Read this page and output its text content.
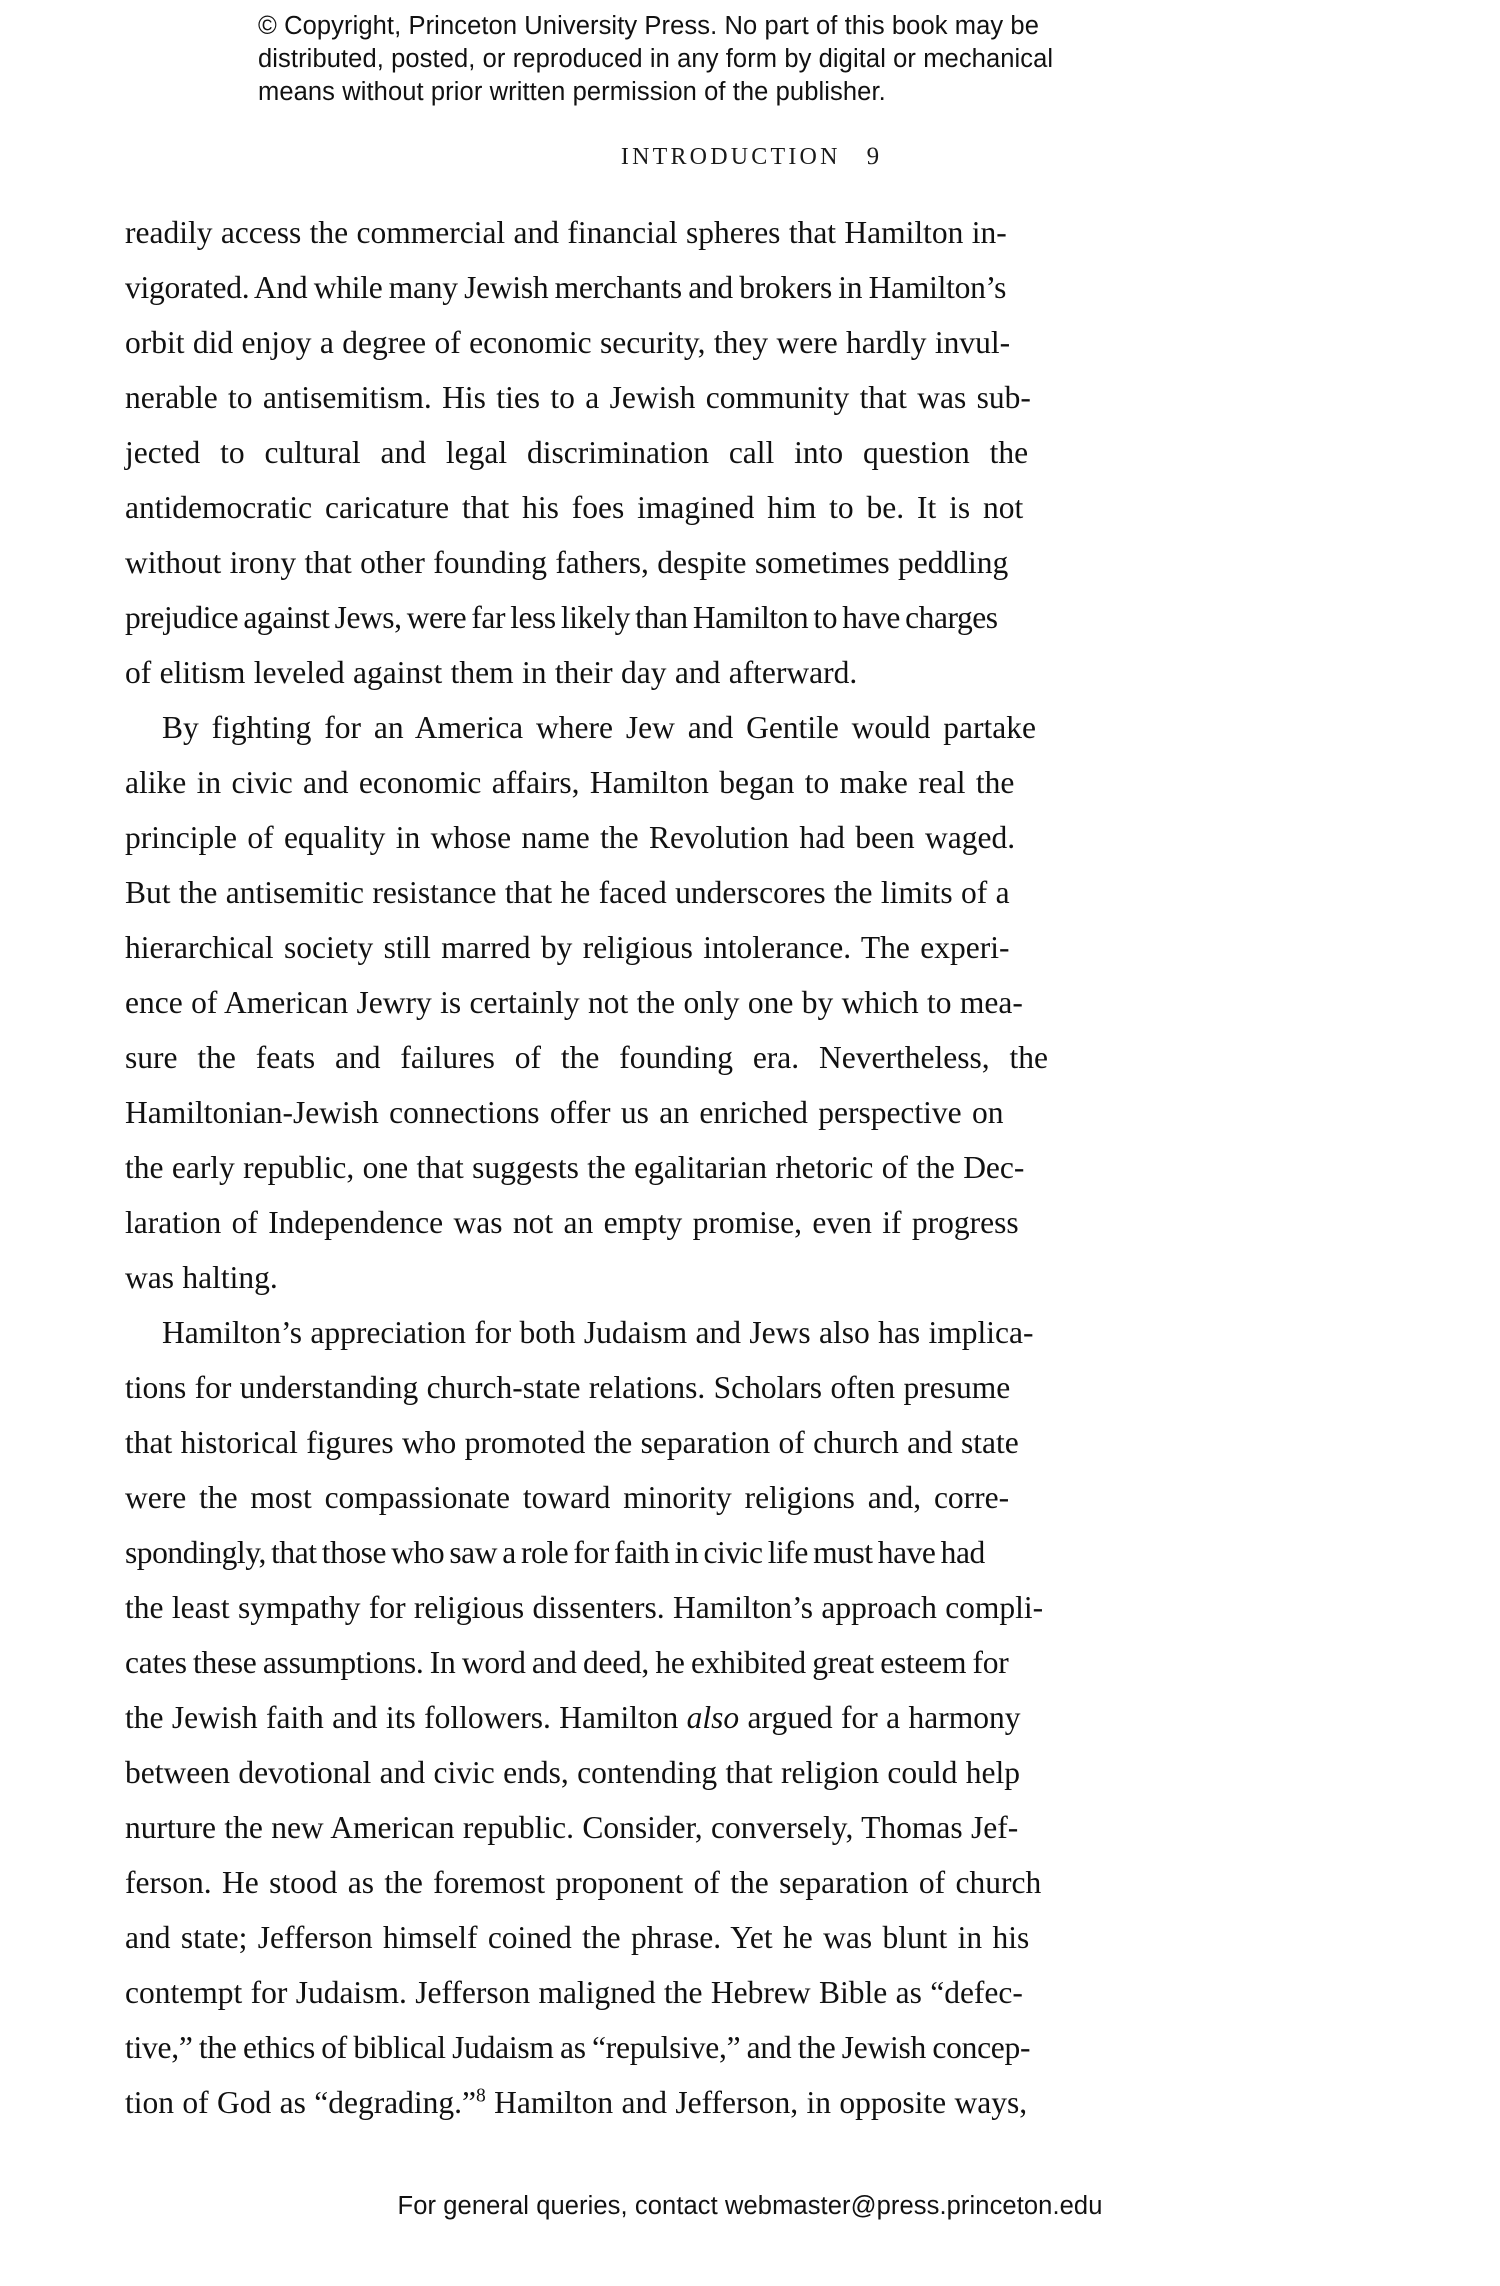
© Copyright, Princeton University Press. No part of this book may be
distributed, posted, or reproduced in any form by digital or mechanical
means without prior written permission of the publisher.
INTRODUCTION 9

readily access the commercial and financial spheres that Hamilton in-
vigorated. And while many Jewish merchants and brokers in Hamilton’s
orbit did enjoy a degree of economic security, they were hardly invul-
nerable to antisemitism. His ties to a Jewish community that was sub-
jected to cultural and legal discrimination call into question the
antidemocratic caricature that his foes imagined him to be. It is not
without irony that other founding fathers, despite sometimes peddling
prejudice against Jews, were far less likely than Hamilton to have charges
of elitism leveled against them in their day and afterward.

By fighting for an America where Jew and Gentile would partake
alike in civic and economic affairs, Hamilton began to make real the
principle of equality in whose name the Revolution had been waged.
But the antisemitic resistance that he faced underscores the limits of a
hierarchical society still marred by religious intolerance. The experi-
ence of American Jewry is certainly not the only one by which to mea-
sure the feats and failures of the founding era. Nevertheless, the
Hamiltonian-Jewish connections offer us an enriched perspective on
the early republic, one that suggests the egalitarian rhetoric of the Dec-
laration of Independence was not an empty promise, even if progress
was halting.

Hamilton’s appreciation for both Judaism and Jews also has implica-
tions for understanding church-state relations. Scholars often presume
that historical figures who promoted the separation of church and state
were the most compassionate toward minority religions and, corre-
spondingly, that those who saw a role for faith in civic life must have had
the least sympathy for religious dissenters. Hamilton’s approach compli-
cates these assumptions. In word and deed, he exhibited great esteem for
the Jewish faith and its followers. Hamilton also argued for a harmony
between devotional and civic ends, contending that religion could help
nurture the new American republic. Consider, conversely, Thomas Jef-
ferson. He stood as the foremost proponent of the separation of church
and state; Jefferson himself coined the phrase. Yet he was blunt in his
contempt for Judaism. Jefferson maligned the Hebrew Bible as “defec-
tive,” the ethics of biblical Judaism as “repulsive,” and the Jewish concep-
tion of God as “degrading.”$^8$ Hamilton and Jefferson, in opposite ways,

For general queries, contact webmaster@press.princeton.edu
